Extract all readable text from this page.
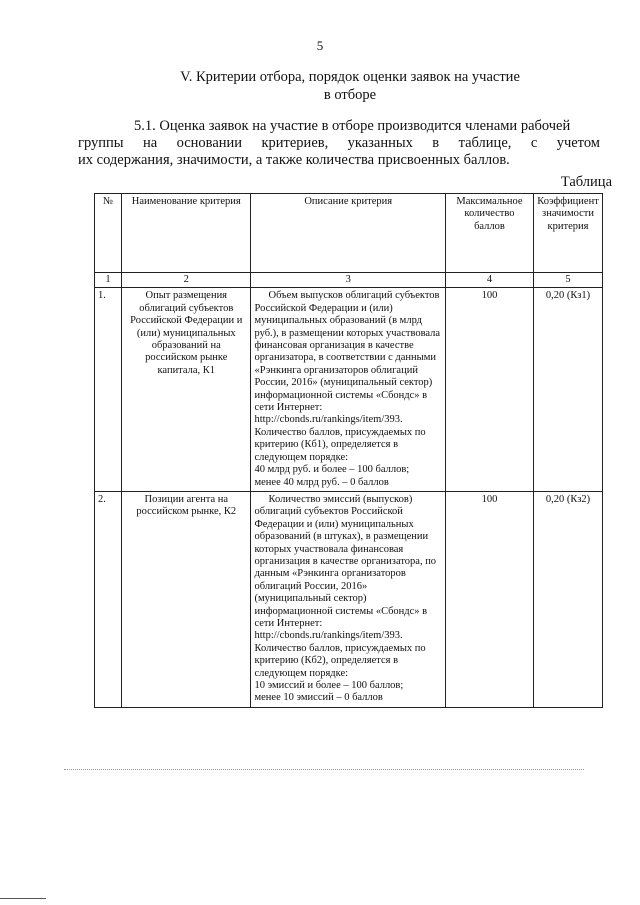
5
V. Критерии отбора, порядок оценки заявок на участие
в отборе
5.1. Оценка заявок на участие в отборе производится членами рабочей
группы на основании критериев, указанных в таблице, с учетом
их содержания, значимости, а также количества присвоенных баллов.
Таблица
№	Наименование критерия	Описание критерия	Максимальное количество баллов	Коэффициент значимости критерия
1	2	3	4	5
1.	Опыт размещения облигаций субъектов Российской Федерации и (или) муниципальных образований на российском рынке капитала, К1	Объем выпусков облигаций субъектов Российской Федерации и (или) муниципальных образований (в млрд руб.), в размещении которых участвовала финансовая организация в качестве организатора, в соответствии с данными «Рэнкинга организаторов облигаций России, 2016» (муниципальный сектор) информационной системы «Cбондс» в сети Интернет:
http://cbonds.ru/rankings/item/393.
Количество баллов, присуждаемых по критерию (Кб1), определяется в следующем порядке:
40 млрд руб. и более – 100 баллов;
менее 40 млрд руб. – 0 баллов	100	0,20 (Кз1)
2.	Позиции агента на российском рынке, К2	Количество эмиссий (выпусков) облигаций субъектов Российской Федерации и (или) муниципальных образований (в штуках), в размещении которых участвовала финансовая организация в качестве организатора, по данным «Рэнкинга организаторов облигаций России, 2016» (муниципальный сектор) информационной системы «Cбондс» в сети Интернет:
http://cbonds.ru/rankings/item/393.
Количество баллов, присуждаемых по критерию (Кб2), определяется в следующем порядке:
10 эмиссий и более – 100 баллов;
менее 10 эмиссий – 0 баллов	100	0,20 (Кз2)
